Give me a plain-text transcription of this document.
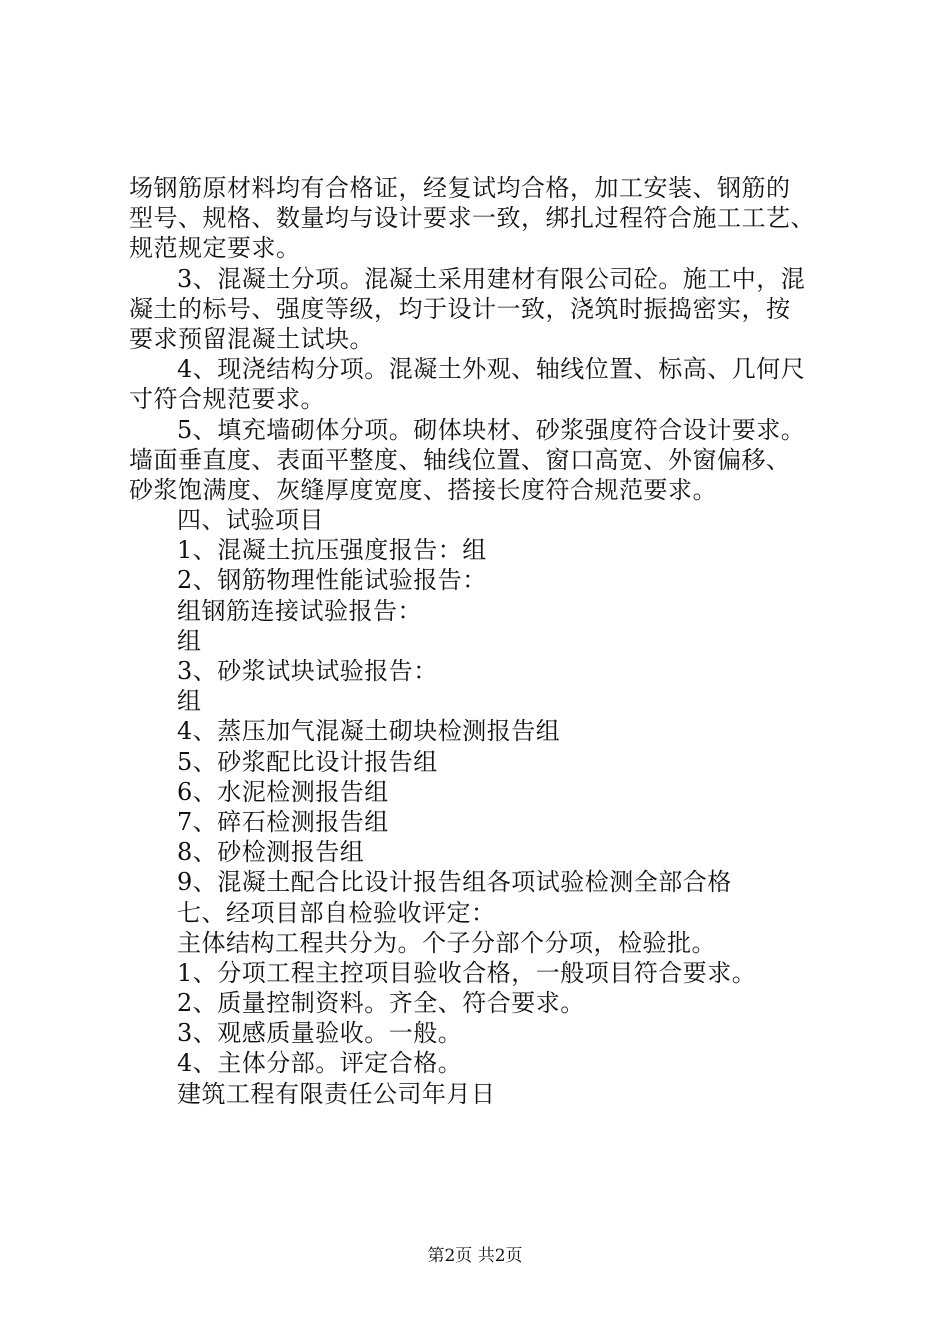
场钢筋原材料均有合格证，经复试均合格，加工安装、钢筋的
型号、规格、数量均与设计要求一致，绑扎过程符合施工工艺、
规范规定要求。
3、混凝土分项。混凝土采用建材有限公司砼。施工中，混
凝土的标号、强度等级，均于设计一致，浇筑时振捣密实，按
要求预留混凝土试块。
4、现浇结构分项。混凝土外观、轴线位置、标高、几何尺
寸符合规范要求。
5、填充墙砌体分项。砌体块材、砂浆强度符合设计要求。
墙面垂直度、表面平整度、轴线位置、窗口高宽、外窗偏移、
砂浆饱满度、灰缝厚度宽度、搭接长度符合规范要求。
四、试验项目
1、混凝土抗压强度报告：组
2、钢筋物理性能试验报告：
组钢筋连接试验报告：
组
3、砂浆试块试验报告：
组
4、蒸压加气混凝土砌块检测报告组
5、砂浆配比设计报告组
6、水泥检测报告组
7、碎石检测报告组
8、砂检测报告组
9、混凝土配合比设计报告组各项试验检测全部合格
七、经项目部自检验收评定：
主体结构工程共分为。个子分部个分项，检验批。
1、分项工程主控项目验收合格，一般项目符合要求。
2、质量控制资料。齐全、符合要求。
3、观感质量验收。一般。
4、主体分部。评定合格。
建筑工程有限责任公司年月日
第2页 共2页
